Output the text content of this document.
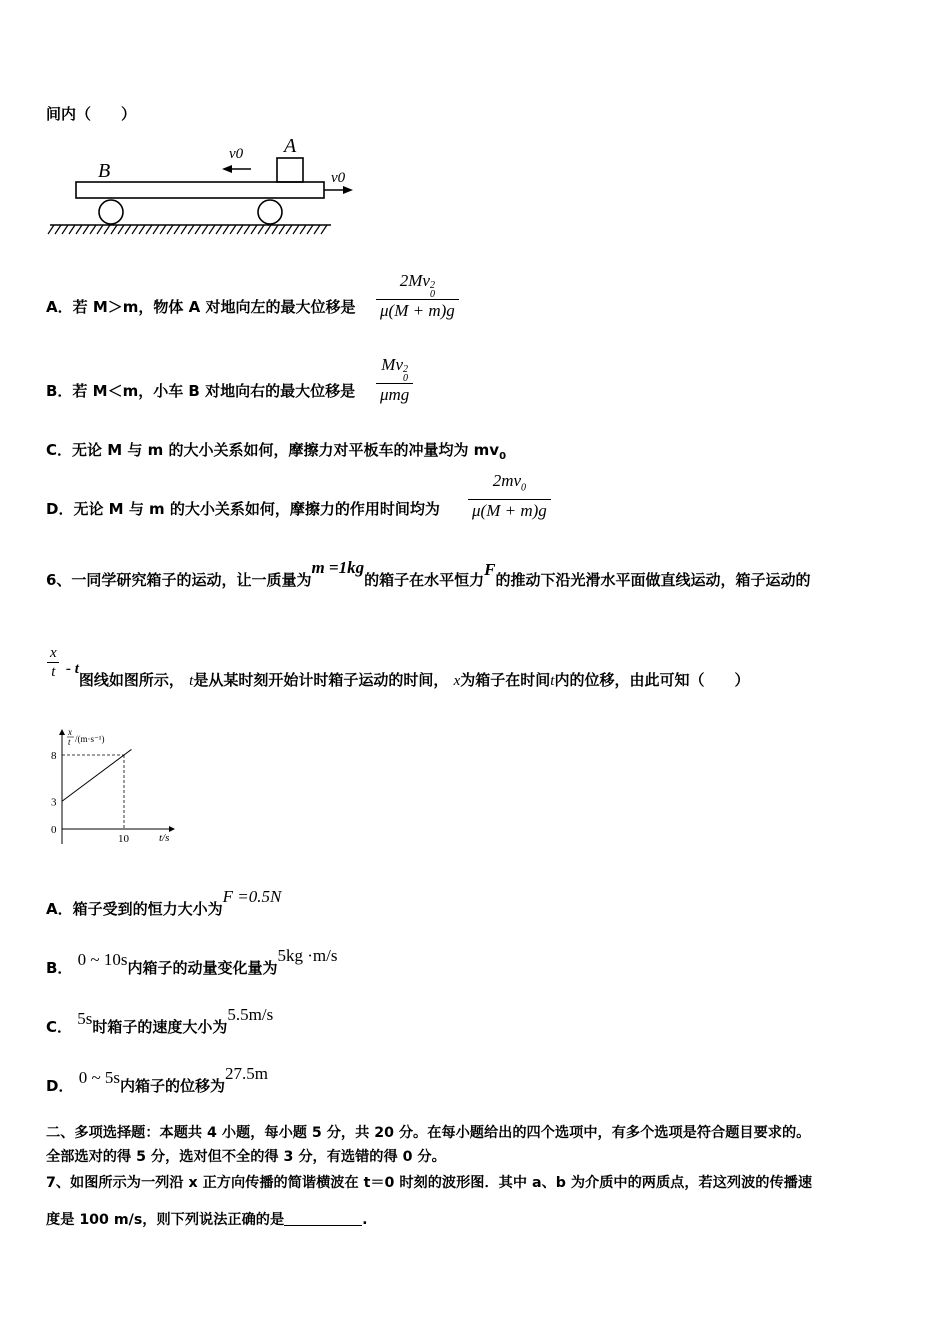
间内（　　）
B
A
v0
v0
A．若 M＞m，物体 A 对地向左的最大位移是 2Mv 2
0
μ(M + m)g
B．若 M＜m，小车 B 对地向右的最大位移是
Mv 2
0
μmg
C．无论 M 与 m 的大小关系如何，摩擦力对平板车的冲量均为 $mv_0$
D．无论 M 与 m 的大小关系如何，摩擦力的作用时间均为 $\frac{2mv_0}{\mu(M + m)g}$
6、一同学研究箱子的运动，让一质量为m =1kg的箱子在水平恒力F的推动下沿光滑水平面做直线运动，箱子运动的
$\frac{x}{t}$ - t图线如图所示， t是从某时刻开始计时箱子运动的时间， x为箱子在时间t内的位移，由此可知（　　）
8
3
0
10
x
t /(m·s⁻¹)
t/s
A．箱子受到的恒力大小为F =0.5N
B． 0 ~ 10s内箱子的动量变化量为5kg ·m/s
C． 5s时箱子的速度大小为5.5m/s
D． 0 ~ 5s内箱子的位移为27.5m
二、多项选择题：本题共 4 小题，每小题 5 分，共 20 分。在每小题给出的四个选项中，有多个选项是符合题目要求的。
全部选对的得 5 分，选对但不全的得 3 分，有选错的得 0 分。
7、如图所示为一列沿 x 正方向传播的简谐横波在 t＝0 时刻的波形图．其中 a、b 为介质中的两质点，若这列波的传播速
度是 100 m/s，则下列说法正确的是	.
